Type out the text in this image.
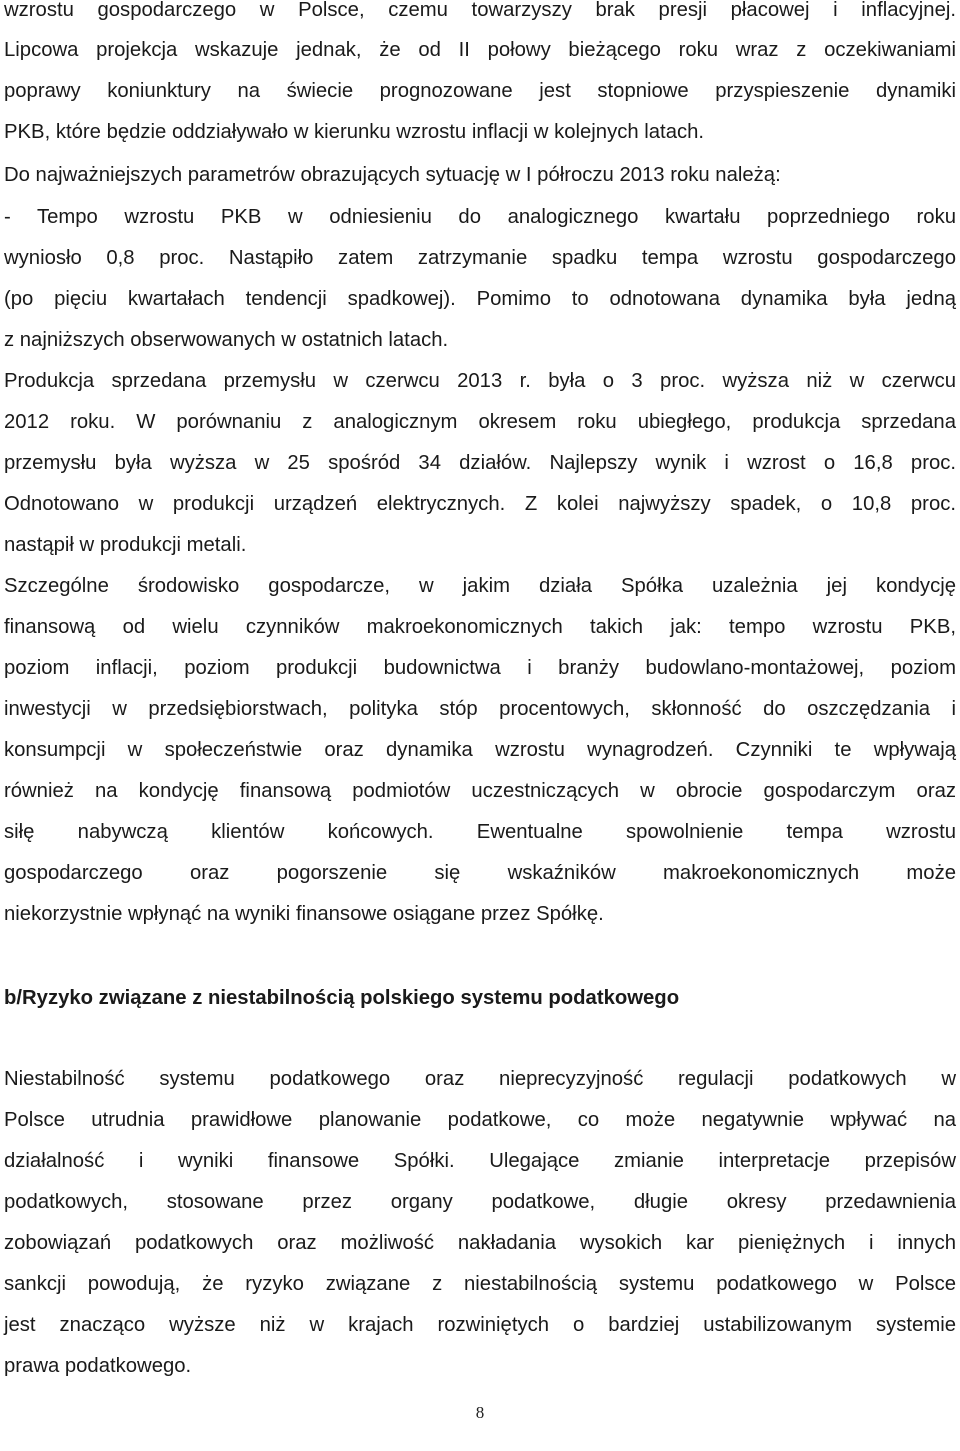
wzrostu gospodarczego w Polsce, czemu towarzyszy brak presji płacowej i inflacyjnej.
Lipcowa projekcja wskazuje jednak, że od II połowy bieżącego roku wraz z oczekiwaniami
poprawy koniunktury na świecie prognozowane jest stopniowe przyspieszenie dynamiki
PKB, które będzie oddziaływało w kierunku wzrostu inflacji w kolejnych latach.
Do najważniejszych parametrów obrazujących sytuację w I półroczu 2013 roku należą:
- Tempo wzrostu PKB w odniesieniu do analogicznego kwartału poprzedniego roku
wyniosło 0,8 proc. Nastąpiło zatem zatrzymanie spadku tempa wzrostu gospodarczego
(po pięciu kwartałach tendencji spadkowej). Pomimo to odnotowana dynamika była jedną
z najniższych obserwowanych w ostatnich latach.
Produkcja sprzedana przemysłu w czerwcu 2013 r. była o 3 proc. wyższa niż w czerwcu
2012 roku. W porównaniu z analogicznym okresem roku ubiegłego, produkcja sprzedana
przemysłu była wyższa w 25 spośród 34 działów. Najlepszy wynik i wzrost o 16,8 proc.
Odnotowano w produkcji urządzeń elektrycznych. Z kolei najwyższy spadek, o 10,8 proc.
nastąpił w produkcji metali.
Szczególne środowisko gospodarcze, w jakim działa Spółka uzależnia jej kondycję
finansową od wielu czynników makroekonomicznych takich jak: tempo wzrostu PKB,
poziom inflacji, poziom produkcji budownictwa i branży budowlano-montażowej, poziom
inwestycji w przedsiębiorstwach, polityka stóp procentowych, skłonność do oszczędzania i
konsumpcji w społeczeństwie oraz dynamika wzrostu wynagrodzeń. Czynniki te wpływają
również na kondycję finansową podmiotów uczestniczących w obrocie gospodarczym oraz
siłę nabywczą klientów końcowych. Ewentualne spowolnienie tempa wzrostu
gospodarczego oraz pogorszenie się wskaźników makroekonomicznych może
niekorzystnie wpłynąć na wyniki finansowe osiągane przez Spółkę.
b/Ryzyko związane z niestabilnością polskiego systemu podatkowego
Niestabilność systemu podatkowego oraz nieprecyzyjność regulacji podatkowych w
Polsce utrudnia prawidłowe planowanie podatkowe, co może negatywnie wpływać na
działalność i wyniki finansowe Spółki. Ulegające zmianie interpretacje przepisów
podatkowych, stosowane przez organy podatkowe, długie okresy przedawnienia
zobowiązań podatkowych oraz możliwość nakładania wysokich kar pieniężnych i innych
sankcji powodują, że ryzyko związane z niestabilnością systemu podatkowego w Polsce
jest znacząco wyższe niż w krajach rozwiniętych o bardziej ustabilizowanym systemie
prawa podatkowego.
8
